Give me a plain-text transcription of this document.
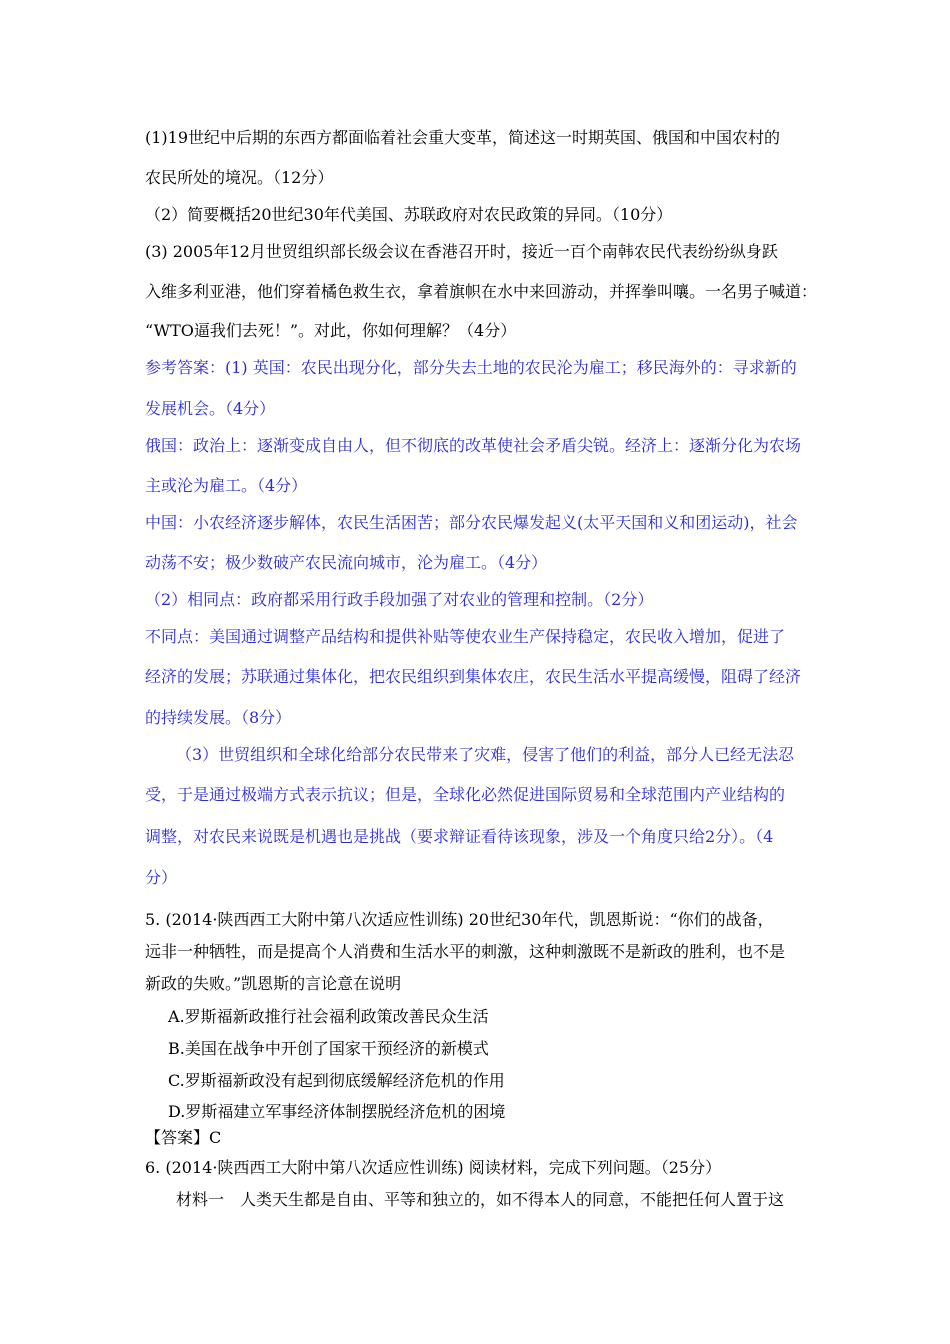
(1)19世纪中后期的东西方都面临着社会重大变革，简述这一时期英国、俄国和中国农村的
农民所处的境况。（12分）
（2）简要概括20世纪30年代美国、苏联政府对农民政策的异同。（10分）
(3) 2005年12月世贸组织部长级会议在香港召开时，接近一百个南韩农民代表纷纷纵身跃
入维多利亚港，他们穿着橘色救生衣，拿着旗帜在水中来回游动，并挥拳叫嚷。一名男子喊道：
“WTO逼我们去死！”。对此，你如何理解？（4分）
参考答案：(1) 英国：农民出现分化，部分失去土地的农民沦为雇工；移民海外的：寻求新的
发展机会。（4分）
俄国：政治上：逐渐变成自由人，但不彻底的改革使社会矛盾尖锐。经济上：逐渐分化为农场
主或沦为雇工。（4分）
中国：小农经济逐步解体，农民生活困苦；部分农民爆发起义(太平天国和义和团运动)，社会
动荡不安；极少数破产农民流向城市，沦为雇工。（4分）
（2）相同点：政府都采用行政手段加强了对农业的管理和控制。（2分）
不同点：美国通过调整产品结构和提供补贴等使农业生产保持稳定，农民收入增加，促进了
经济的发展；苏联通过集体化，把农民组织到集体农庄，农民生活水平提高缓慢，阻碍了经济
的持续发展。（8分）
（3）世贸组织和全球化给部分农民带来了灾难，侵害了他们的利益，部分人已经无法忍
受，于是通过极端方式表示抗议；但是，全球化必然促进国际贸易和全球范围内产业结构的
调整，对农民来说既是机遇也是挑战（要求辩证看待该现象，涉及一个角度只给2分）。（4
分）
5. (2014·陕西西工大附中第八次适应性训练) 20世纪30年代，凯恩斯说：“你们的战备，
远非一种牺牲，而是提高个人消费和生活水平的刺激，这种刺激既不是新政的胜利，也不是
新政的失败。”凯恩斯的言论意在说明
A.罗斯福新政推行社会福利政策改善民众生活
B.美国在战争中开创了国家干预经济的新模式
C.罗斯福新政没有起到彻底缓解经济危机的作用
D.罗斯福建立军事经济体制摆脱经济危机的困境
【答案】C
6. (2014·陕西西工大附中第八次适应性训练) 阅读材料，完成下列问题。（25分）
材料一　人类天生都是自由、平等和独立的，如不得本人的同意，不能把任何人置于这
